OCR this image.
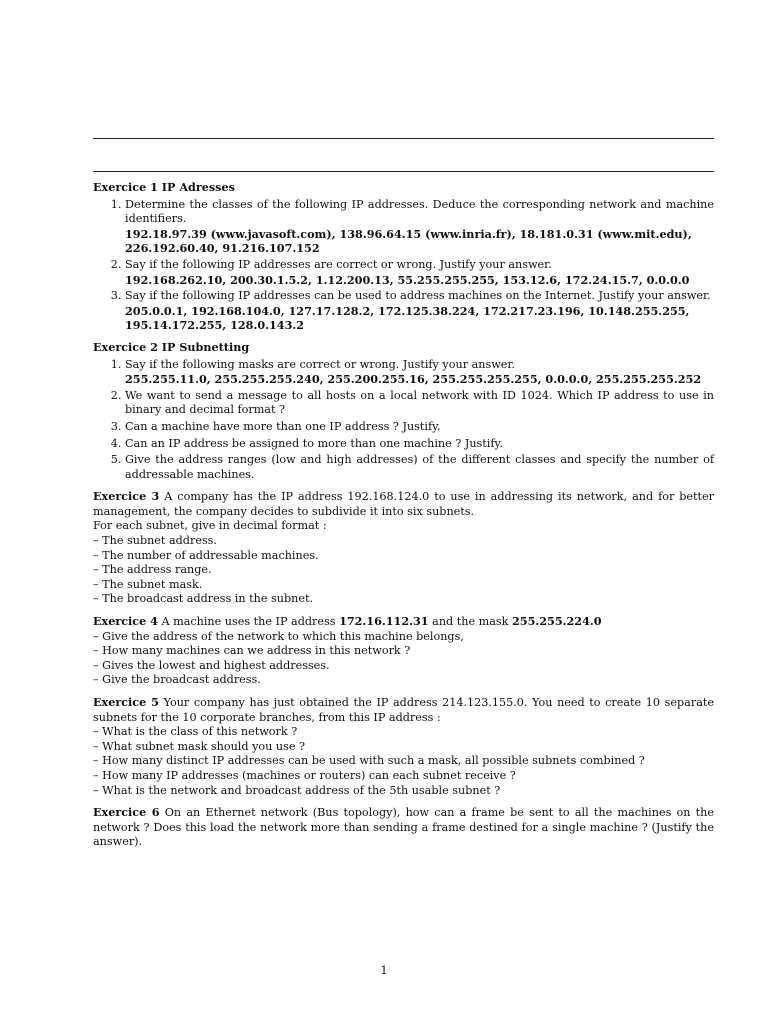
Exercice 1 IP Adresses
1. Determine the classes of the following IP addresses. Deduce the corresponding network and machine identifiers.
192.18.97.39 (www.javasoft.com), 138.96.64.15 (www.inria.fr), 18.181.0.31 (www.mit.edu), 226.192.60.40, 91.216.107.152
2. Say if the following IP addresses are correct or wrong. Justify your answer.
192.168.262.10, 200.30.1.5.2, 1.12.200.13, 55.255.255.255, 153.12.6, 172.24.15.7, 0.0.0.0
3. Say if the following IP addresses can be used to address machines on the Internet. Justify your answer.
205.0.0.1, 192.168.104.0, 127.17.128.2, 172.125.38.224, 172.217.23.196, 10.148.255.255, 195.14.172.255, 128.0.143.2
Exercice 2 IP Subnetting
1. Say if the following masks are correct or wrong. Justify your answer.
255.255.11.0, 255.255.255.240, 255.200.255.16, 255.255.255.255, 0.0.0.0, 255.255.255.252
2. We want to send a message to all hosts on a local network with ID 1024. Which IP address to use in binary and decimal format ?
3. Can a machine have more than one IP address ? Justify.
4. Can an IP address be assigned to more than one machine ? Justify.
5. Give the address ranges (low and high addresses) of the different classes and specify the number of addressable machines.
Exercice 3 A company has the IP address 192.168.124.0 to use in addressing its network, and for better management, the company decides to subdivide it into six subnets.
For each subnet, give in decimal format :
– The subnet address.
– The number of addressable machines.
– The address range.
– The subnet mask.
– The broadcast address in the subnet.
Exercice 4 A machine uses the IP address 172.16.112.31 and the mask 255.255.224.0
– Give the address of the network to which this machine belongs,
– How many machines can we address in this network ?
– Gives the lowest and highest addresses.
– Give the broadcast address.
Exercice 5 Your company has just obtained the IP address 214.123.155.0. You need to create 10 separate subnets for the 10 corporate branches, from this IP address :
– What is the class of this network ?
– What subnet mask should you use ?
– How many distinct IP addresses can be used with such a mask, all possible subnets combined ?
– How many IP addresses (machines or routers) can each subnet receive ?
– What is the network and broadcast address of the 5th usable subnet ?
Exercice 6 On an Ethernet network (Bus topology), how can a frame be sent to all the machines on the network ? Does this load the network more than sending a frame destined for a single machine ? (Justify the answer).
1
